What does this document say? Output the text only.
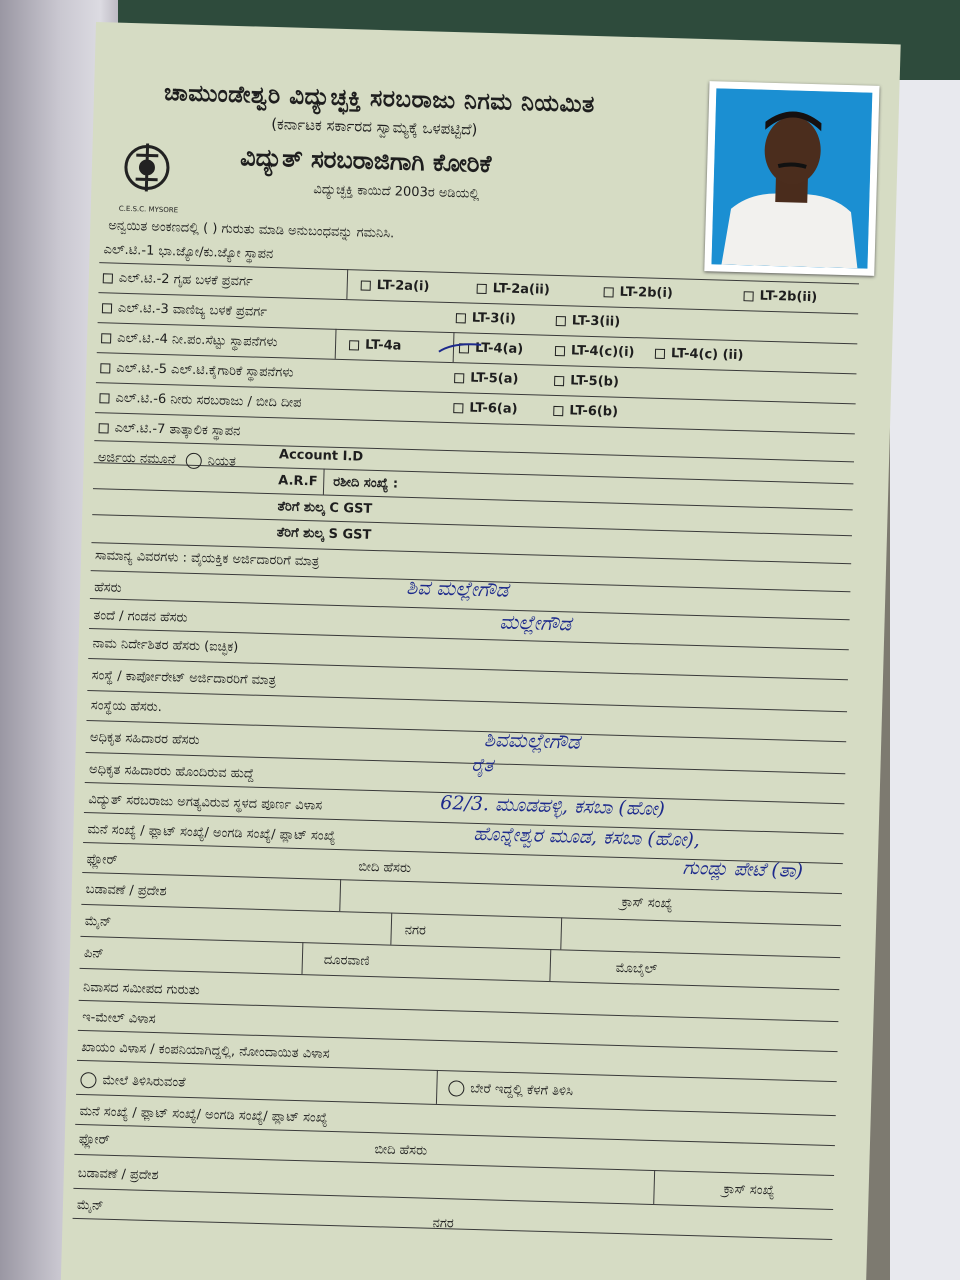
C.E.S.C. MYSORE
ಚಾಮುಂಡೇಶ್ವರಿ ವಿದ್ಯುಚ್ಛಕ್ತಿ ಸರಬರಾಜು ನಿಗಮ ನಿಯಮಿತ
(ಕರ್ನಾಟಕ ಸರ್ಕಾರದ ಸ್ವಾಮ್ಯಕ್ಕೆ ಒಳಪಟ್ಟಿದೆ)
ವಿದ್ಯುತ್ ಸರಬರಾಜಿಗಾಗಿ ಕೋರಿಕೆ
ವಿದ್ಯುಚ್ಛಕ್ತಿ ಕಾಯಿದೆ 2003ರ ಅಡಿಯಲ್ಲಿ
ಅನ್ವಯಿತ ಅಂಕಣದಲ್ಲಿ ( ) ಗುರುತು ಮಾಡಿ ಅನುಬಂಧವನ್ನು ಗಮನಿಸಿ.
ಎಲ್.ಟಿ.-1 ಭಾ.ಜ್ಯೋ/ಕು.ಜ್ಯೋ ಸ್ಥಾಪನ
ಎಲ್.ಟಿ.-2 ಗೃಹ ಬಳಕೆ ಪ್ರವರ್ಗ	LT-2a(i)	LT-2a(ii)	LT-2b(i)	LT-2b(ii)
ಎಲ್.ಟಿ.-3 ವಾಣಿಜ್ಯ ಬಳಕೆ ಪ್ರವರ್ಗ	LT-3(i)	LT-3(ii)
ಎಲ್.ಟಿ.-4 ನೀ.ಪಂ.ಸೆಟ್ಟು ಸ್ಥಾಪನೆಗಳು	LT-4a	LT-4(a)	LT-4(c)(i)	LT-4(c) (ii)
ಎಲ್.ಟಿ.-5 ಎಲ್.ಟಿ.ಕೈಗಾರಿಕೆ ಸ್ಥಾಪನೆಗಳು	LT-5(a)	LT-5(b)
ಎಲ್.ಟಿ.-6 ನೀರು ಸರಬರಾಜು / ಬೀದಿ ದೀಪ	LT-6(a)	LT-6(b)
ಎಲ್.ಟಿ.-7 ತಾತ್ಕಾಲಿಕ ಸ್ಥಾಪನ
ಅರ್ಜಿಯ ನಮೂನೆ	ನಿಯತ	Account I.D
A.R.F ರಶೀದಿ ಸಂಖ್ಯೆ :
ತೆರಿಗೆ ಶುಲ್ಕ C GST
ತೆರಿಗೆ ಶುಲ್ಕ S GST
ಸಾಮಾನ್ಯ ವಿವರಗಳು : ವೈಯಕ್ತಿಕ ಅರ್ಜಿದಾರರಿಗೆ ಮಾತ್ರ
ಹೆಸರು	ಶಿವ ಮಲ್ಲೇಗೌಡ
ತಂದೆ / ಗಂಡನ ಹೆಸರು	ಮಲ್ಲೇಗೌಡ
ನಾಮ ನಿರ್ದೇಶಿತರ ಹೆಸರು (ಐಚ್ಛಿಕ)
ಸಂಸ್ಥೆ / ಕಾರ್ಪೋರೇಟ್ ಅರ್ಜಿದಾರರಿಗೆ ಮಾತ್ರ
ಸಂಸ್ಥೆಯ ಹೆಸರು.
ಅಧಿಕೃತ ಸಹಿದಾರರ ಹೆಸರು	ಶಿವಮಲ್ಲೇಗೌಡ
ಅಧಿಕೃತ ಸಹಿದಾರರು ಹೊಂದಿರುವ ಹುದ್ದೆ	ರೈತ
ವಿದ್ಯುತ್ ಸರಬರಾಜು ಅಗತ್ಯವಿರುವ ಸ್ಥಳದ ಪೂರ್ಣ ವಿಳಾಸ	62/3. ಮೂಡಹಳ್ಳಿ, ಕಸಬಾ (ಹೋ)
ಮನೆ ಸಂಖ್ಯೆ / ಫ್ಲಾಟ್ ಸಂಖ್ಯೆ/ ಅಂಗಡಿ ಸಂಖ್ಯೆ/ ಪ್ಲಾಟ್ ಸಂಖ್ಯೆ	ಹೊನ್ನೇಶ್ವರ ಮೂಡ, ಕಸಬಾ (ಹೋ),
ಫ್ಲೋರ್	ಬೀದಿ ಹೆಸರು	ಗುಂಡ್ಲು ಪೇಟೆ (ತಾ)
ಬಡಾವಣೆ / ಪ್ರದೇಶ
ಕ್ರಾಸ್ ಸಂಖ್ಯೆ
ಮೈನ್
ನಗರ
ಪಿನ್	ದೂರವಾಣಿ	ಮೊಬೈಲ್
ನಿವಾಸದ ಸಮೀಪದ ಗುರುತು
ಇ-ಮೇಲ್ ವಿಳಾಸ
ಖಾಯಂ ವಿಳಾಸ / ಕಂಪನಿಯಾಗಿದ್ದಲ್ಲಿ, ನೋಂದಾಯಿತ ವಿಳಾಸ
ಮೇಲೆ ತಿಳಿಸಿರುವಂತೆ	ಬೇರೆ ಇದ್ದಲ್ಲಿ ಕೆಳಗೆ ತಿಳಿಸಿ
ಮನೆ ಸಂಖ್ಯೆ / ಫ್ಲಾಟ್ ಸಂಖ್ಯೆ/ ಅಂಗಡಿ ಸಂಖ್ಯೆ/ ಪ್ಲಾಟ್ ಸಂಖ್ಯೆ
ಫ್ಲೋರ್
ಬೀದಿ ಹೆಸರು
ಬಡಾವಣೆ / ಪ್ರದೇಶ
ಕ್ರಾಸ್ ಸಂಖ್ಯೆ
ಮೈನ್
ನಗರ
